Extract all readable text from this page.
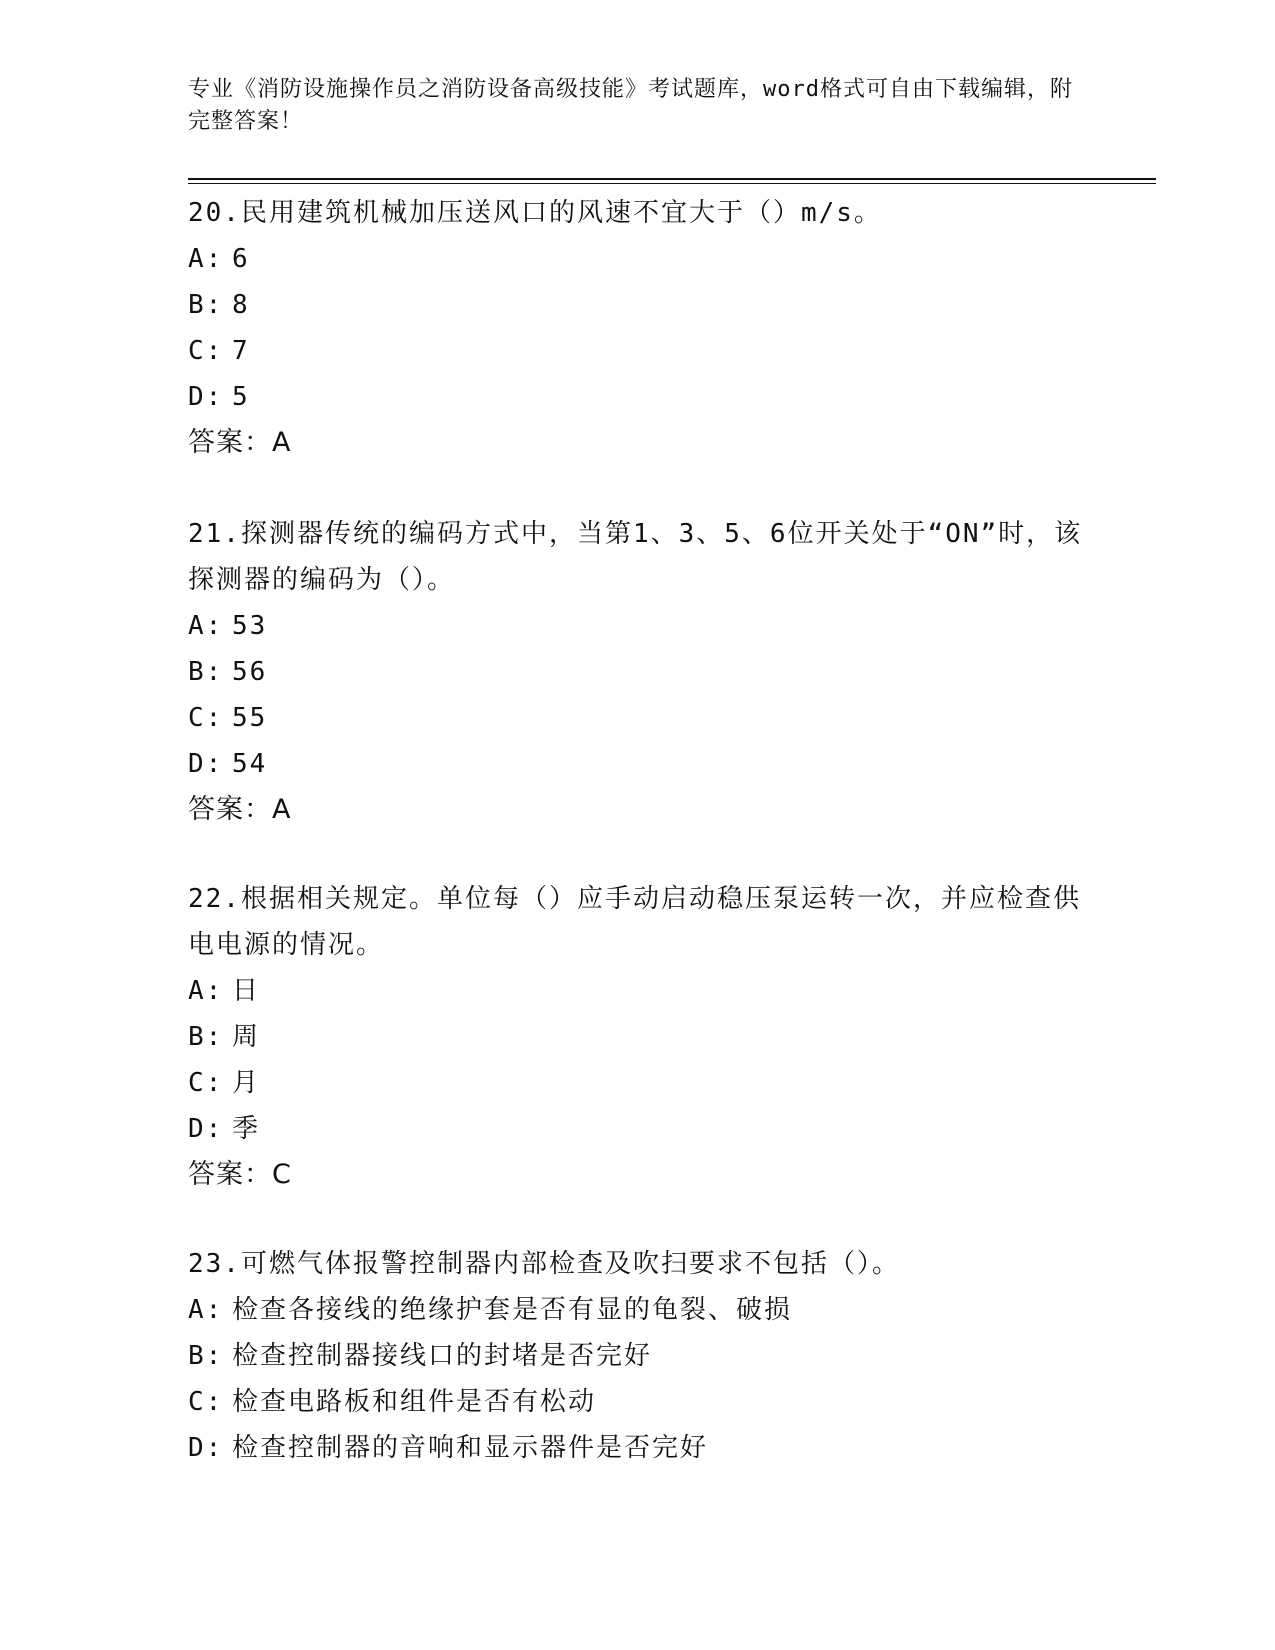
专业《消防设施操作员之消防设备高级技能》考试题库，word格式可自由下载编辑，附完整答案！

20.民用建筑机械加压送风口的风速不宜大于（）m/s。

A: 6

B: 8

C: 7

D: 5

答案：A

21.探测器传统的编码方式中，当第1、3、5、6位开关处于“ON”时，该探测器的编码为（）。

A: 53

B: 56

C: 55

D: 54

答案：A

22.根据相关规定。单位每（）应手动启动稳压泵运转一次，并应检查供电电源的情况。

A: 日

B: 周

C: 月

D: 季

答案：C

23.可燃气体报警控制器内部检查及吹扫要求不包括（）。

A: 检查各接线的绝缘护套是否有显的龟裂、破损

B: 检查控制器接线口的封堵是否完好

C: 检查电路板和组件是否有松动

D: 检查控制器的音响和显示器件是否完好
